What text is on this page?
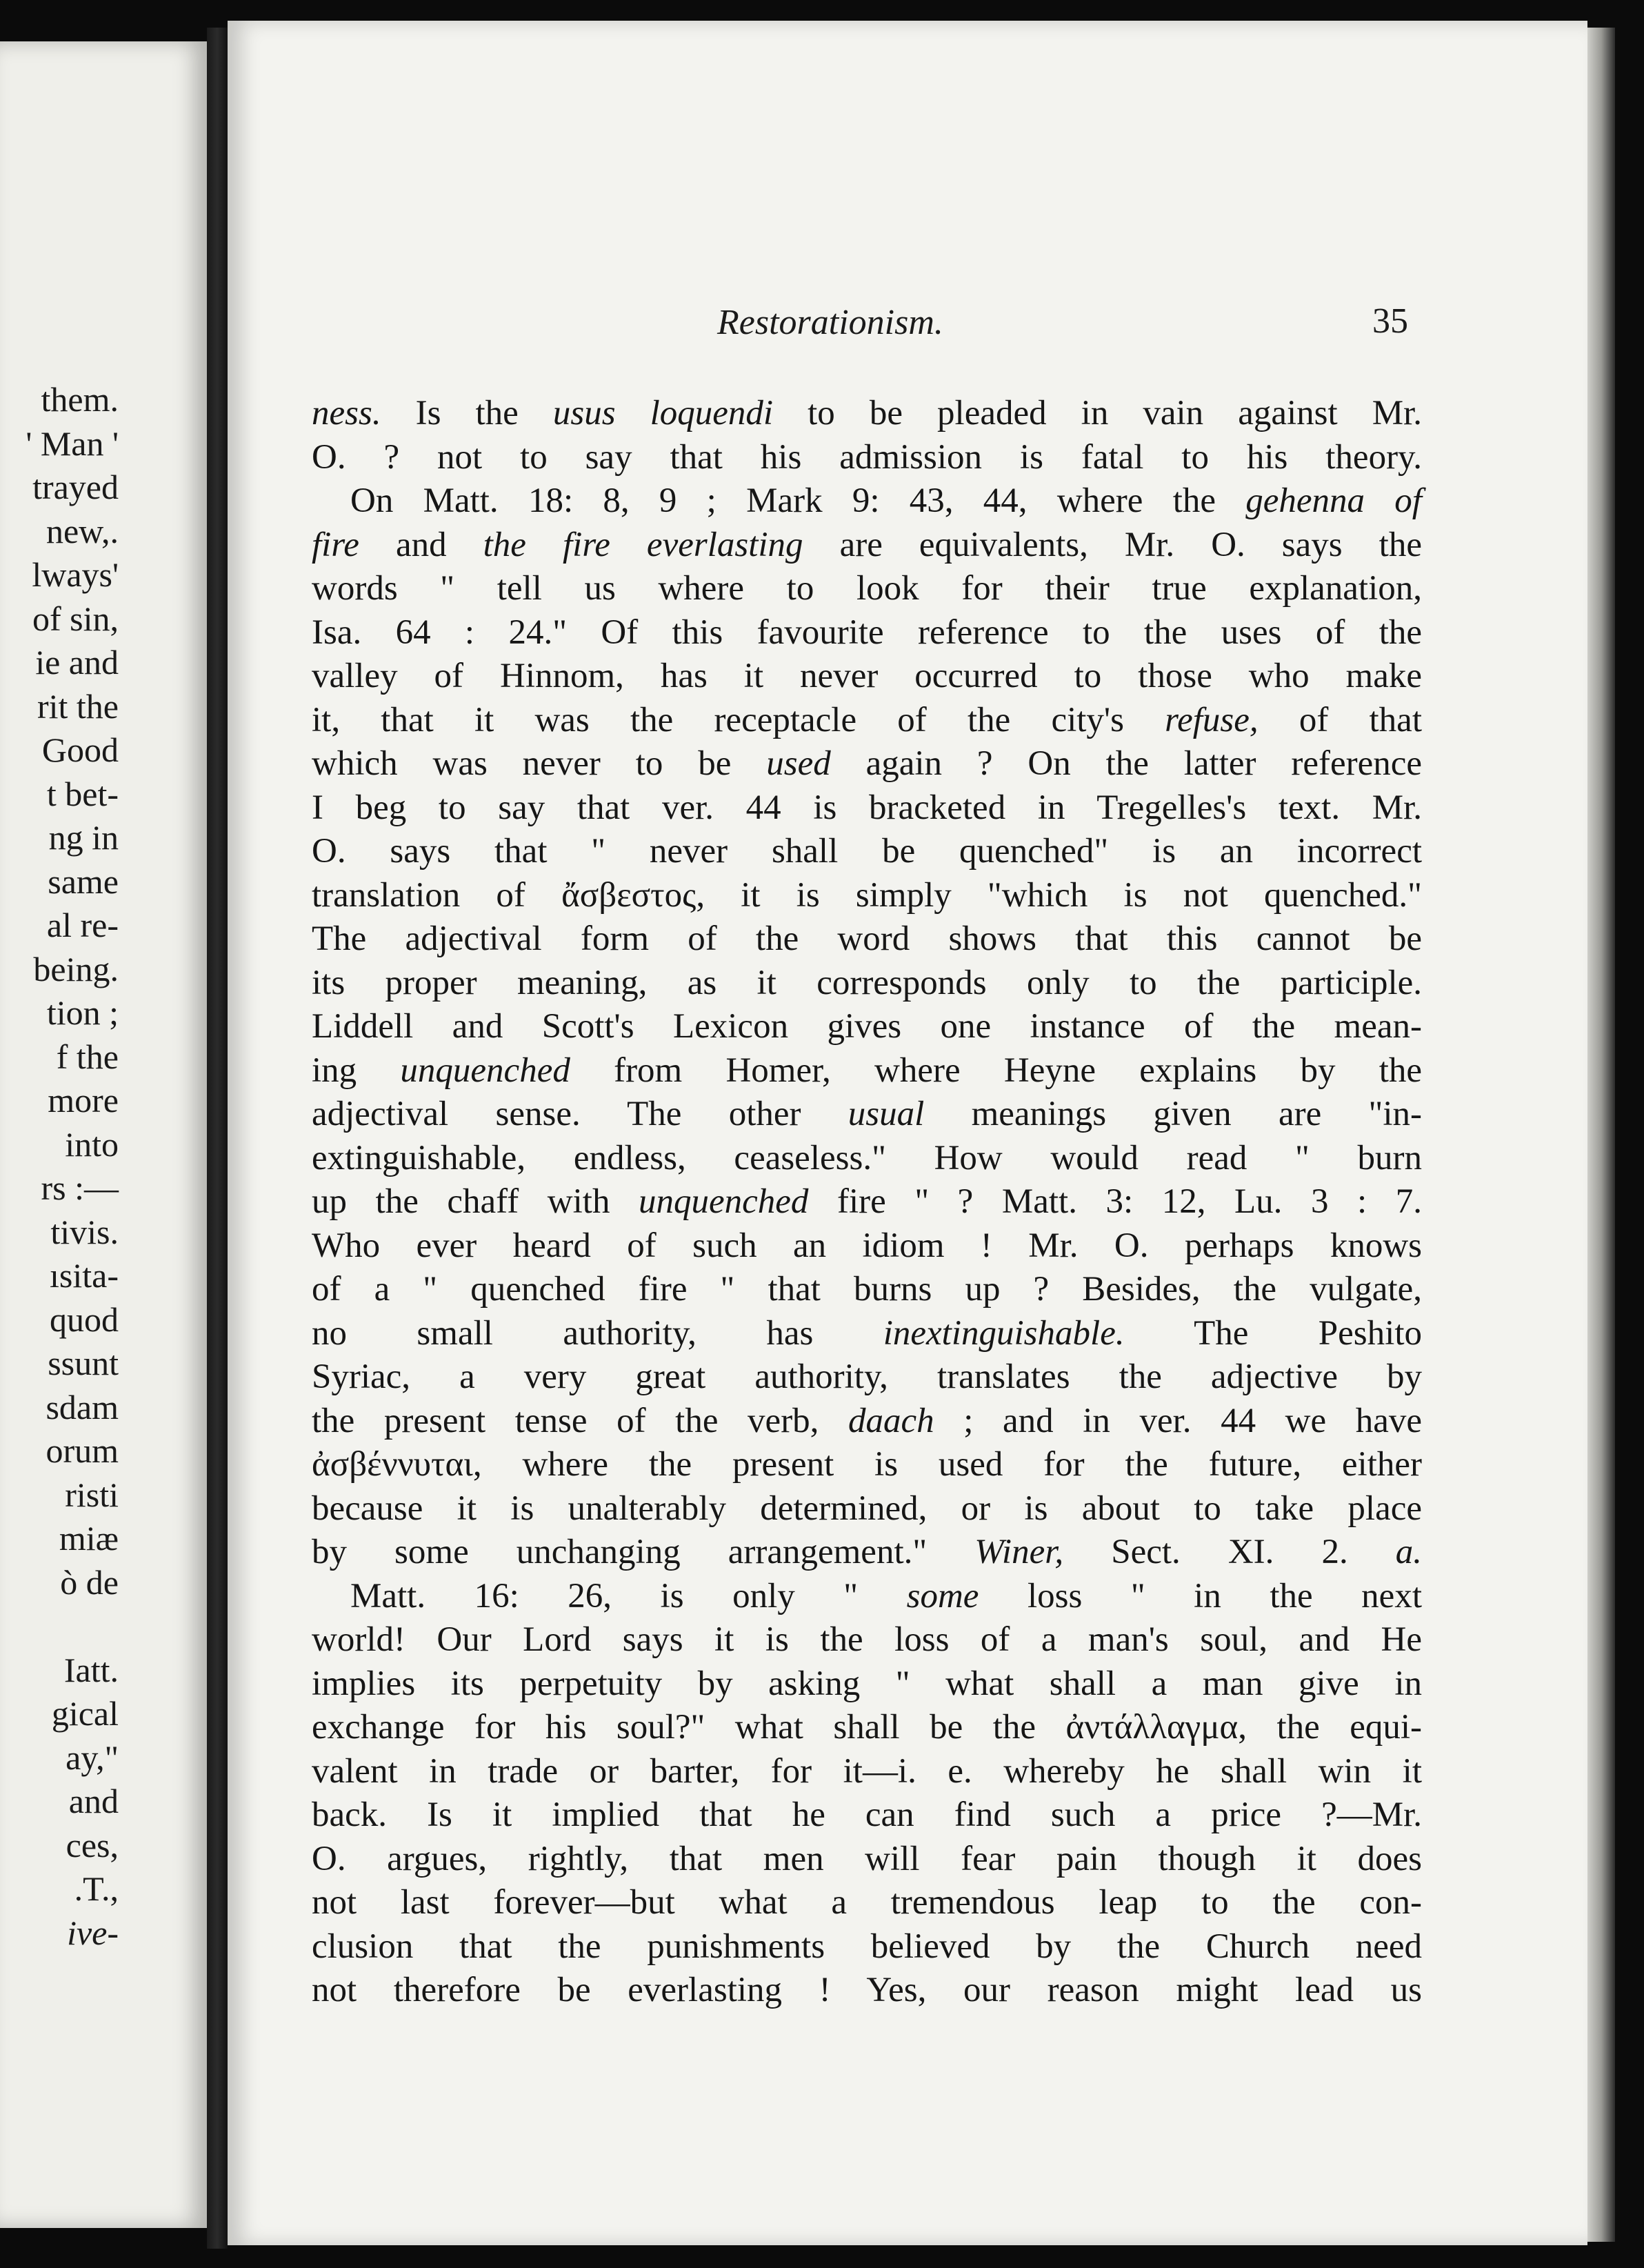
them.
' Man '
trayed
new,.
lways'
of sin,
ie and
rit the
Good
t bet-
ng in
same
al re-
being.
tion ;
f the
more
into
rs :—
tivis.
ısita-
quod
ssunt
sdam
orum
risti
miæ
ò de
Iatt.
gical
ay,"
and
ces,
.T.,
ive-
Restorationism.	35
ness. Is the usus loquendi to be pleaded in vain against Mr.
O. ? not to say that his admission is fatal to his theory.
On Matt. 18: 8, 9 ; Mark 9: 43, 44, where the gehenna of
fire and the fire everlasting are equivalents, Mr. O. says the
words " tell us where to look for their true explanation,
Isa. 64 : 24." Of this favourite reference to the uses of the
valley of Hinnom, has it never occurred to those who make
it, that it was the receptacle of the city's refuse, of that
which was never to be used again ? On the latter reference
I beg to say that ver. 44 is bracketed in Tregelles's text. Mr.
O. says that " never shall be quenched" is an incorrect
translation of ἄσβεστος, it is simply "which is not quenched."
The adjectival form of the word shows that this cannot be
its proper meaning, as it corresponds only to the participle.
Liddell and Scott's Lexicon gives one instance of the mean-
ing unquenched from Homer, where Heyne explains by the
adjectival sense. The other usual meanings given are "in-
extinguishable, endless, ceaseless." How would read " burn
up the chaff with unquenched fire " ? Matt. 3: 12, Lu. 3 : 7.
Who ever heard of such an idiom ! Mr. O. perhaps knows
of a " quenched fire " that burns up ? Besides, the vulgate,
no small authority, has inextinguishable. The Peshito
Syriac, a very great authority, translates the adjective by
the present tense of the verb, daach ; and in ver. 44 we have
ἀσβέννυται, where the present is used for the future, either
because it is unalterably determined, or is about to take place
by some unchanging arrangement." Winer, Sect. XI. 2. a.
Matt. 16: 26, is only " some loss " in the next
world! Our Lord says it is the loss of a man's soul, and He
implies its perpetuity by asking " what shall a man give in
exchange for his soul?" what shall be the ἀντάλλαγμα, the equi-
valent in trade or barter, for it—i. e. whereby he shall win it
back. Is it implied that he can find such a price ?—Mr.
O. argues, rightly, that men will fear pain though it does
not last forever—but what a tremendous leap to the con-
clusion that the punishments believed by the Church need
not therefore be everlasting ! Yes, our reason might lead us
